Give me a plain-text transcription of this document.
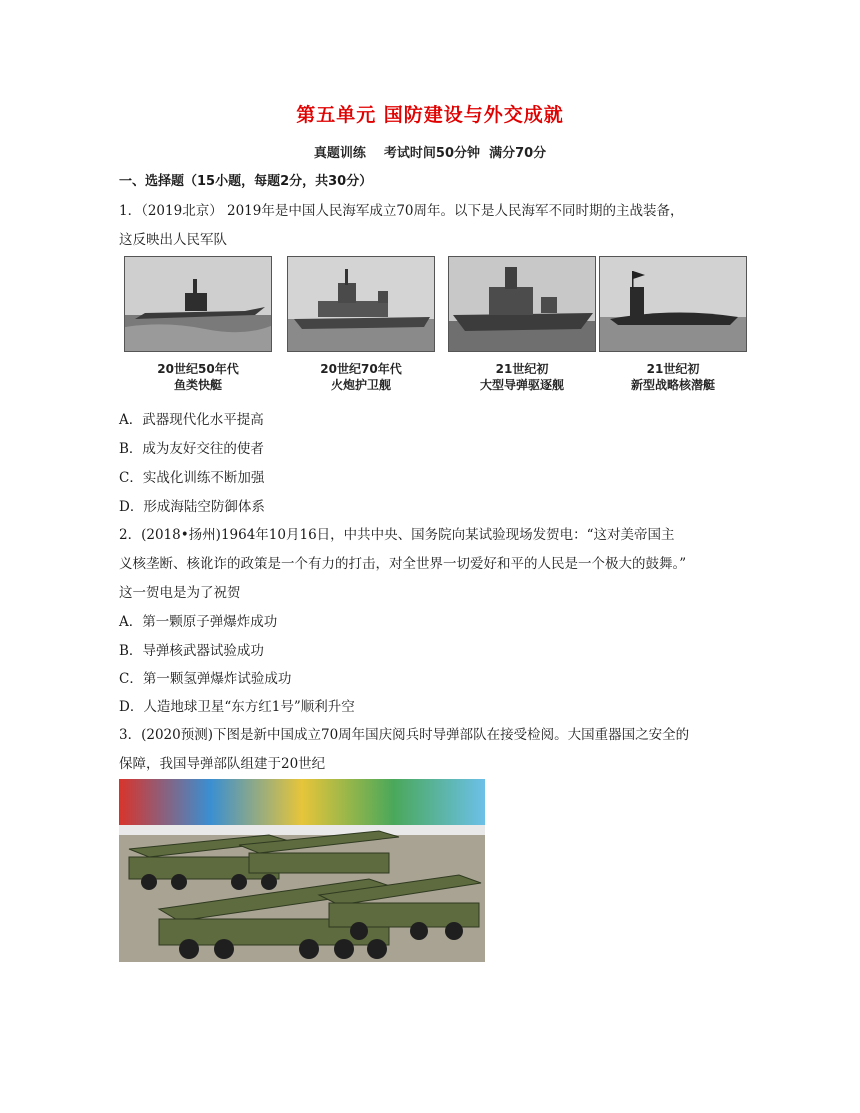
第五单元 国防建设与外交成就
真题训练    考试时间50分钟  满分70分
一、选择题（15小题，每题2分，共30分）
1．（2019北京） 2019年是中国人民海军成立70周年。以下是人民海军不同时期的主战装备，
这反映出人民军队
20世纪50年代
鱼类快艇
20世纪70年代
火炮护卫舰
21世纪初
大型导弹驱逐舰
21世纪初
新型战略核潜艇
A．武器现代化水平提高
B．成为友好交往的使者
C．实战化训练不断加强
D．形成海陆空防御体系
2．(2018•扬州)1964年10月16日，中共中央、国务院向某试验现场发贺电：“这对美帝国主
义核垄断、核讹诈的政策是一个有力的打击，对全世界一切爱好和平的人民是一个极大的鼓舞。”
这一贺电是为了祝贺
A．第一颗原子弹爆炸成功
B．导弹核武器试验成功
C．第一颗氢弹爆炸试验成功
D．人造地球卫星“东方红1号”顺利升空
3．(2020预测)下图是新中国成立70周年国庆阅兵时导弹部队在接受检阅。大国重器国之安全的
保障，我国导弹部队组建于20世纪
